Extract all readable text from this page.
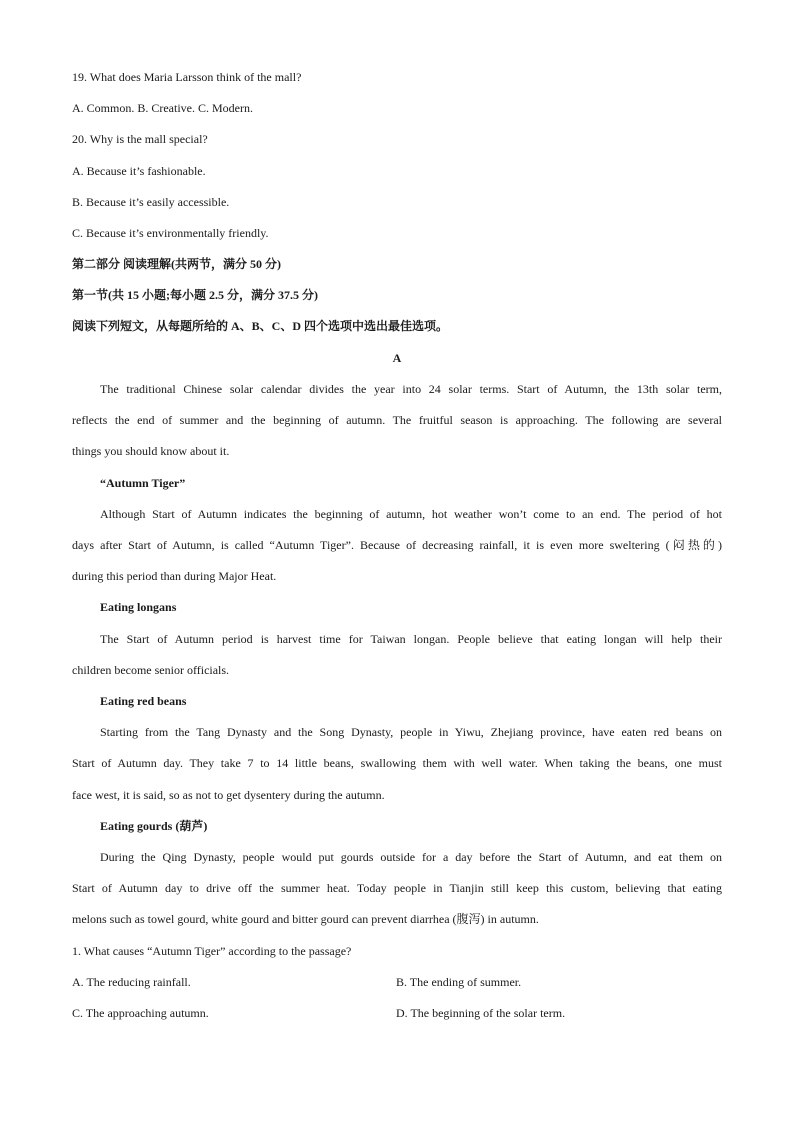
19. What does Maria Larsson think of the mall?
A. Common. B. Creative. C. Modern.
20. Why is the mall special?
A. Because it’s fashionable.
B. Because it’s easily accessible.
C. Because it’s environmentally friendly.
第二部分 阅读理解(共两节，满分 50 分)
第一节(共 15 小题;每小题 2.5 分，满分 37.5 分)
阅读下列短文，从每题所给的 A、B、C、D 四个选项中选出最佳选项。
A
The traditional Chinese solar calendar divides the year into 24 solar terms. Start of Autumn, the 13th solar term,
reflects the end of summer and the beginning of autumn. The fruitful season is approaching. The following are several
things you should know about it.
“Autumn Tiger”
Although Start of Autumn indicates the beginning of autumn, hot weather won’t come to an end. The period of hot
days after Start of Autumn, is called “Autumn Tiger”. Because of decreasing rainfall, it is even more sweltering (闷热的)
during this period than during Major Heat.
Eating longans
The Start of Autumn period is harvest time for Taiwan longan. People believe that eating longan will help their
children become senior officials.
Eating red beans
Starting from the Tang Dynasty and the Song Dynasty, people in Yiwu, Zhejiang province, have eaten red beans on
Start of Autumn day. They take 7 to 14 little beans, swallowing them with well water. When taking the beans, one must
face west, it is said, so as not to get dysentery during the autumn.
Eating gourds (葫芦)
During the Qing Dynasty, people would put gourds outside for a day before the Start of Autumn, and eat them on
Start of Autumn day to drive off the summer heat. Today people in Tianjin still keep this custom, believing that eating
melons such as towel gourd, white gourd and bitter gourd can prevent diarrhea (腹泻) in autumn.
1. What causes “Autumn Tiger” according to the passage?
A. The reducing rainfall.	B. The ending of summer.
C. The approaching autumn.	D. The beginning of the solar term.
